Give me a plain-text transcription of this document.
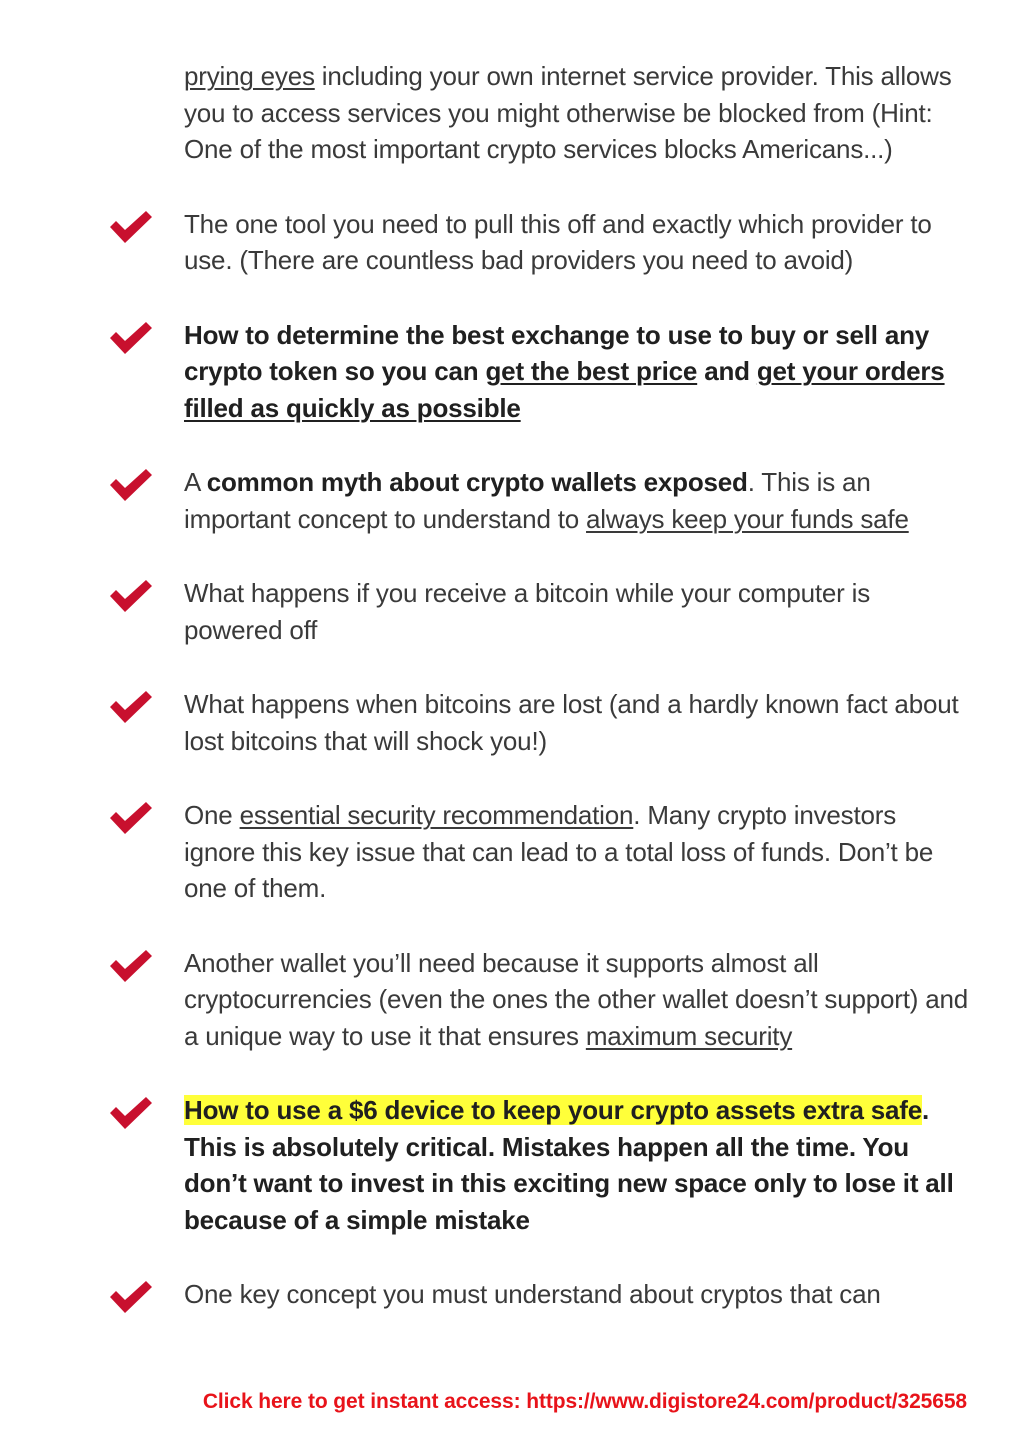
prying eyes including your own internet service provider. This allows you to access services you might otherwise be blocked from (Hint: One of the most important crypto services blocks Americans...)

The one tool you need to pull this off and exactly which provider to use. (There are countless bad providers you need to avoid)

How to determine the best exchange to use to buy or sell any crypto token so you can get the best price and get your orders filled as quickly as possible

A common myth about crypto wallets exposed. This is an important concept to understand to always keep your funds safe

What happens if you receive a bitcoin while your computer is powered off

What happens when bitcoins are lost (and a hardly known fact about lost bitcoins that will shock you!)

One essential security recommendation. Many crypto investors ignore this key issue that can lead to a total loss of funds. Don’t be one of them.

Another wallet you’ll need because it supports almost all cryptocurrencies (even the ones the other wallet doesn’t support) and a unique way to use it that ensures maximum security

How to use a $6 device to keep your crypto assets extra safe. This is absolutely critical. Mistakes happen all the time. You don’t want to invest in this exciting new space only to lose it all because of a simple mistake

One key concept you must understand about cryptos that can

Click here to get instant access: https://www.digistore24.com/product/325658
